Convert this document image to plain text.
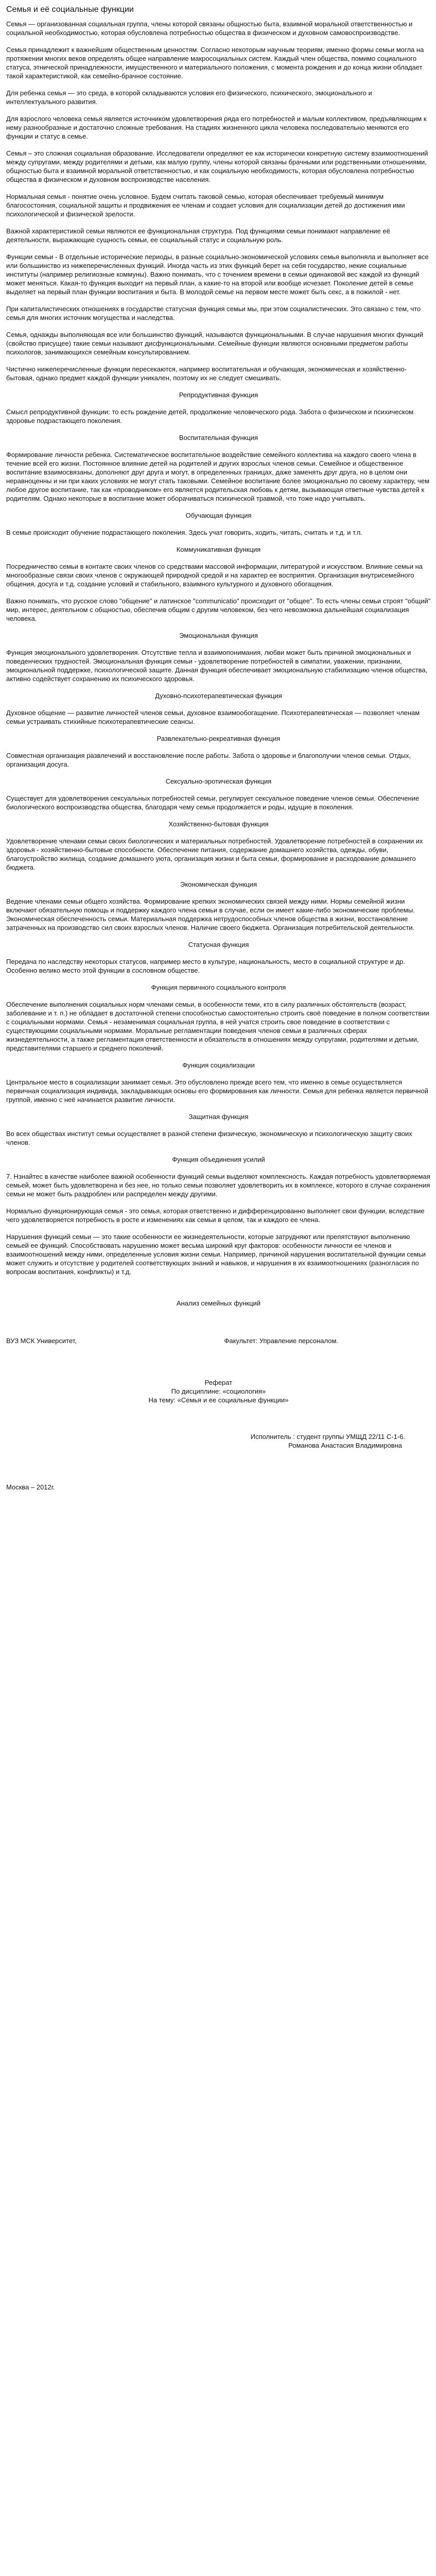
Семья и её социальные функции

Семья — организованная социальная группа, члены которой связаны общностью быта, взаимной моральной ответственностью и социальной необходимостью, которая обусловлена потребностью общества в физическом и духовном самовоспроизводстве.

Семья принадлежит к важнейшим общественным ценностям. Согласно некоторым научным теориям, именно формы семьи могла на протяжении многих веков определять общее направление макросоциальных систем. Каждый член общества, помимо социального статуса, этнической принадлежности, имущественного и материального положения, с момента рождения и до конца жизни обладает такой характеристикой, как семейно-брачное состояние.

Для ребенка семья — это среда, в которой складываются условия его физического, психического, эмоционального и интеллектуального развития.

Для взрослого человека семья является источником удовлетворения ряда его потребностей и малым коллективом, предъявляющим к нему разнообразные и достаточно сложные требования. На стадиях жизненного цикла человека последовательно меняются его функции и статус в семье.

Семья – это сложная социальная образование. Исследователи определяют ее как исторически конкретную систему взаимоотношений между супругами, между родителями и детьми, как малую группу, члены которой связаны брачными или родственными отношениями, общностью быта и взаимной моральной ответственностью, и как социальную необходимость, которая обусловлена потребностью общества в физическом и духовном воспроизводстве населения.

Нормальная семья - понятие очень условное. Будем считать таковой семью, которая обеспечивает требуемый минимум благосостояния, социальной защиты и продвижения ее членам и создает условия для социализации детей до достижения ими психологической и физической зрелости.

Важной характеристикой семьи являются ее функциональная структура. Под функциями семьи понимают направление её деятельности, выражающие сущность семьи, ее социальный статус и социальную роль.

Функции семьи - В отдельные исторические периоды, в разные социально-экономической условиях семья выполняла и выполняет все или большинство из нижеперечисленных функций. Иногда часть из этих функций берет на себя государство, некие социальные институты (например религиозные коммуны). Важно понимать, что с точением времени в семьи одинаковой вес каждой из функций может меняться. Какая-то функция выходит на первый план, а какие-то на второй или вообще исчезает. Поколение детей в семье выделяет на первый план функции воспитания и быта. В молодой семье на первом месте может быть секс, а в пожилой - нет.

При капиталистических отношениях в государстве статусная функция семьи мы, при этом социалистических. Это связано с тем, что семья для многих источник могущества и наследства.

Семья, однажды выполняющая все или большинство функций, называются функциональными. В случае нарушения многих функций (свойство присущее) такие семьи называют дисфункциональными. Семейные функции являются основными предметом работы психологов, занимающихся семейным консультированием.

Чистично нижеперечисленные функции пересекаются, например воспитательная и обучающая, экономическая и хозяйственно-бытовая, однако предмет каждой функции уникален, поэтому их не следует смешивать.

Репродуктивная функция

Смысл репродуктивной функции: то есть рождение детей, продолжение человеческого рода. Забота о физическом и психическом здоровье подрастающего поколения.

Воспитательная функция

Формирование личности ребенка. Систематическое воспитательное воздействие семейного коллектива на каждого своего члена в течение всей его жизни. Постоянное влияние детей на родителей и других взрослых членов семьи. Семейное и общественное воспитание взаимосвязаны, дополняют друг друга и могут, в определенных границах, даже заменять друг друга, но в целом они неравноценны и ни при каких условиях не могут стать таковыми. Семейное воспитание более эмоционально по своему характеру, чем любое другое воспитание, так как «проводником» его является родительская любовь к детям, вызывающая ответные чувства детей к родителям. Однако некоторые в воспитание может оборачиваться психической травмой, что тоже надо учитывать.

Обучающая функция

В семье происходит обучение подрастающего поколения. Здесь учат говорить, ходить, читать, считать и т.д. и т.п.

Коммуникативная функция

Посредничество семьи в контакте своих членов со средствами массовой информации, литературой и искусством. Влияние семьи на многообразные связи своих членов с окружающей природной средой и на характер ее восприятия. Организация внутрисемейного общения, досуга и т.д. создание условий и стабильного, взаимного культурного и духовного обогащения.

Важно понимать, что русское слово "общение" и латинское "communicatio" происходит от "общее". То есть члены семьи строят "общий" мир, интерес, деятельном с общностью, обеспечив общим с другим человеком, без чего невозможна дальнейшая социализация человека.

Эмоциональная функция

Функция эмоционального удовлетворения. Отсутствие тепла и взаимопонимания, любви может быть причиной эмоциональных и поведенческих трудностей. Эмоциональная функция семьи - удовлетворение потребностей в симпатии, уважении, признании, эмоциональной поддержке, психологической защите. Данная функция обеспечивает эмоциональную стабилизацию членов общества, активно содействует сохранению их психического здоровья.

Духовно-психотерапевтическая функция

Духовное общение — развитие личностей членов семьи, духовное взаимообогащение. Психотерапевтическая — позволяет членам семьи устраивать стихийные психотерапевтические сеансы.

Развлекательно-рекреативная функция

Совместная организация развлечений и восстановление после работы. Забота о здоровье и благополучии членов семьи. Отдых, организация досуга.

Сексуально-эротическая функция

Существует для удовлетворения сексуальных потребностей семьи, регулирует сексуальное поведение членов семьи. Обеспечение биологического воспроизводства общества, благодаря чему семья продолжается и роды, идущие в поколения.

Хозяйственно-бытовая функция

Удовлетворение членами семьи своих биологических и материальных потребностей. Удовлетворение потребностей в сохранении их здоровья - хозяйственно-бытовые способности. Обеспечение питания, содержание домашнего хозяйства, одежды, обуви, благоустройство жилища, создание домашнего уюта, организация жизни и быта семьи, формирование и расходование домашнего бюджета.

Экономическая функция

Ведение членами семьи общего хозяйства. Формирование крепких экономических связей между ними. Нормы семейной жизни включают обязательную помощь и поддержку каждого члена семьи в случае, если он имеет какие-либо экономические проблемы. Экономическая обеспеченность семьи. Материальная поддержка нетрудоспособных членов общества в жизни, восстановление затраченных на производство сил своих взрослых членов. Наличие своего бюджета. Организация потребительской деятельности.

Статусная функция

Передача по наследству некоторых статусов, например место в культуре, национальность, место в социальной структуре и др. Особенно велико место этой функции в сословном обществе.

Функция первичного социального контроля

Обеспечение выполнения социальных норм членами семьи, в особенности теми, кто в силу различных обстоятельств (возраст, заболевание и т. п.) не обладает в достаточной степени способностью самостоятельно строить своё поведение в полном соответствии с социальными нормами. Семья - незаменимая социальная группа, в ней учатся строить свое поведение в соответствии с существующими социальными нормами. Моральные регламентации поведения членов семьи в различных сферах жизнедеятельности, а также регламентация ответственности и обязательств в отношениях между супругами, родителями и детьми, представителями старшего и среднего поколений.

Функция социализации

Центральное место в социализации занимает семья. Это обусловлено прежде всего тем, что именно в семье осуществляется первичная социализация индивида, закладывающая основы его формирования как личности. Семья для ребенка является первичной группой, именно с неё начинается развитие личности.

Защитная функция

Во всех обществах институт семьи осуществляет в разной степени физическую, экономическую и психологическую защиту своих членов.

Функция объединения усилий

7. Нзнайтес в качестве наиболее важной особенности функций семьи выделяют комплексность. Каждая потребность удовлетворяемая семьей, может быть удовлетворена и без нее, но только семьи позволяет удовлетворить их в комплексе, которого в случае сохранения семьи не может быть раздроблен или распределен между другими.

Нормально функционирующая семья - это семья, которая ответственно и дифференцированно выполняет свои функции, вследствие чего удовлетворяется потребность в росте и изменениях как семьи в целом, так и каждого ее члена.

Нарушения функций семьи — это такие особенности ее жизнедеятельности, которые затрудняют или препятствуют выполнению семьей ее функций. Способствовать нарушению может весьма широкий круг факторов: особенности личности ее членов и взаимоотношений между ними, определенные условия жизни семьи. Например, причиной нарушения воспитательной функции семьи может служить и отсутствие у родителей соответствующих знаний и навыков, и нарушения в их взаимоотношениях (разногласия по вопросам воспитания, конфликты) и т.д.

Анализ семейных функций
ВУЗ МСК Университет,	Факультет: Управление персоналом.
Реферат
По дисциплине: «социология»
На тему: «Семья и ее социальные функции»
Исполнитель : студент группы УМЩД 22/11 С-1-6.
Романова Анастасия Владимировна
Москва – 2012г.
